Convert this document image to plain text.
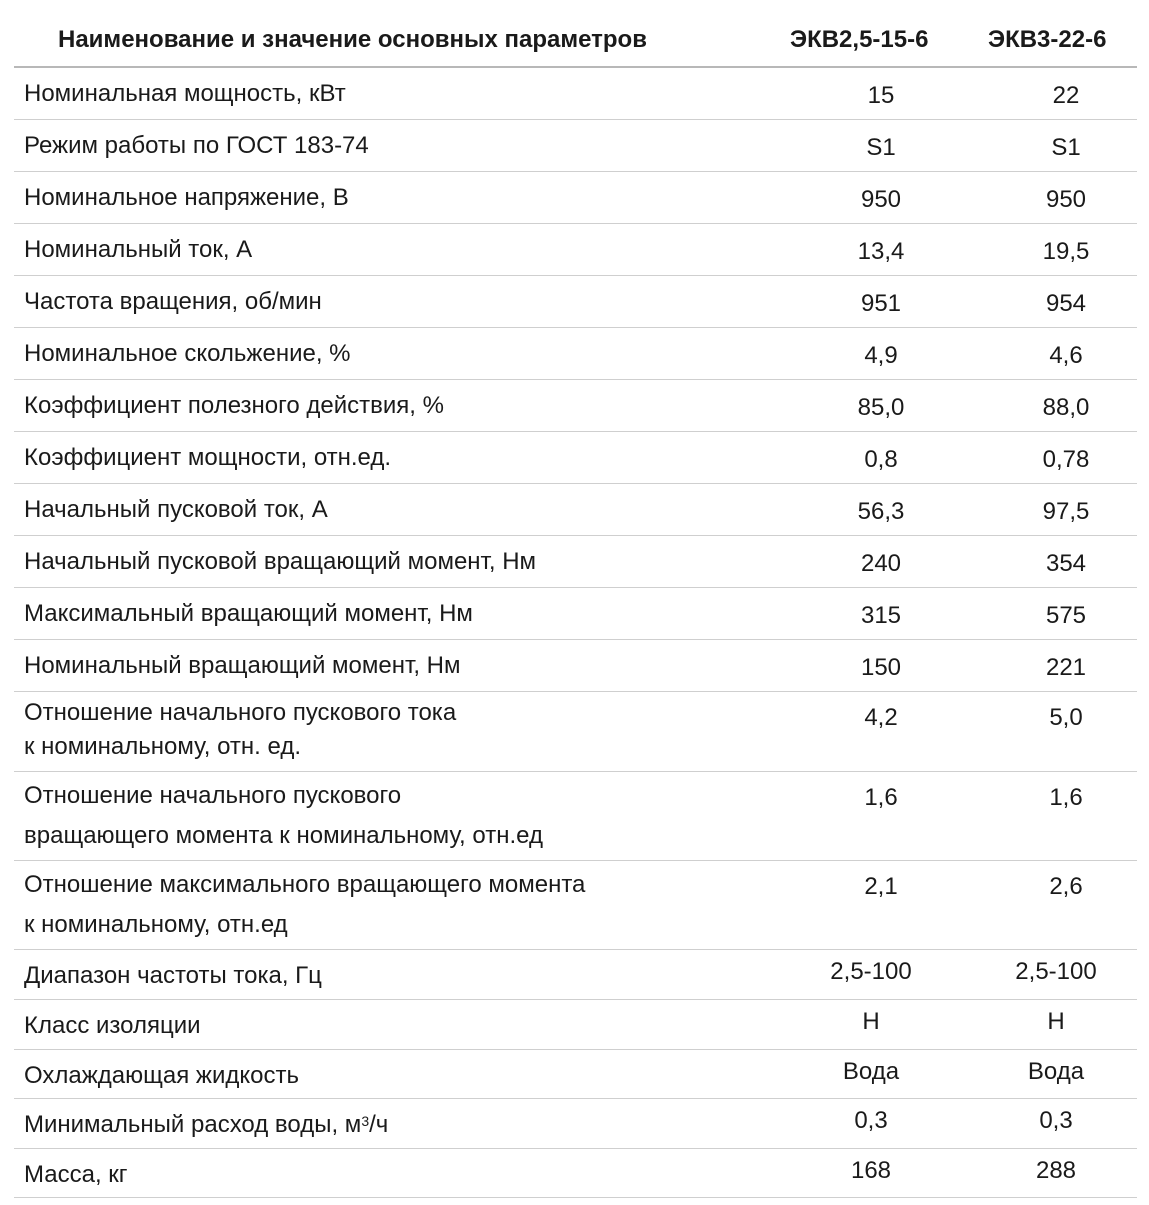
Наименование и значение основных параметров	ЭКВ2,5-15-6 ЭКВ3-22-6
Номинальная мощность, кВт	15	22
Режим работы по ГОСТ 183-74	S1	S1
Номинальное напряжение, В	950	950
Номинальный ток, А	13,4	19,5
Частота вращения, об/мин	951	954
Номинальное скольжение, %	4,9	4,6
Коэффициент полезного действия, %	85,0	88,0
Коэффициент мощности, отн.ед.	0,8	0,78
Начальный пусковой ток, А	56,3	97,5
Начальный пусковой вращающий момент, Нм	240	354
Максимальный вращающий момент, Нм	315	575
Номинальный вращающий момент, Нм	150	221
Отношение начального пускового тока
к номинальному, отн. ед.
4,2	5,0
Отношение начального пускового
вращающего момента к номинальному, отн.ед
1,6	1,6
Отношение максимального вращающего момента
к номинальному, отн.ед
2,1	2,6
Диапазон частоты тока, Гц	2,5-100	2,5-100
Класс изоляции	Н	Н
Охлаждающая жидкость	Вода	Вода
Минимальный расход воды, $м^3/ч$	0,3	0,3
Масса, кг	168	288
